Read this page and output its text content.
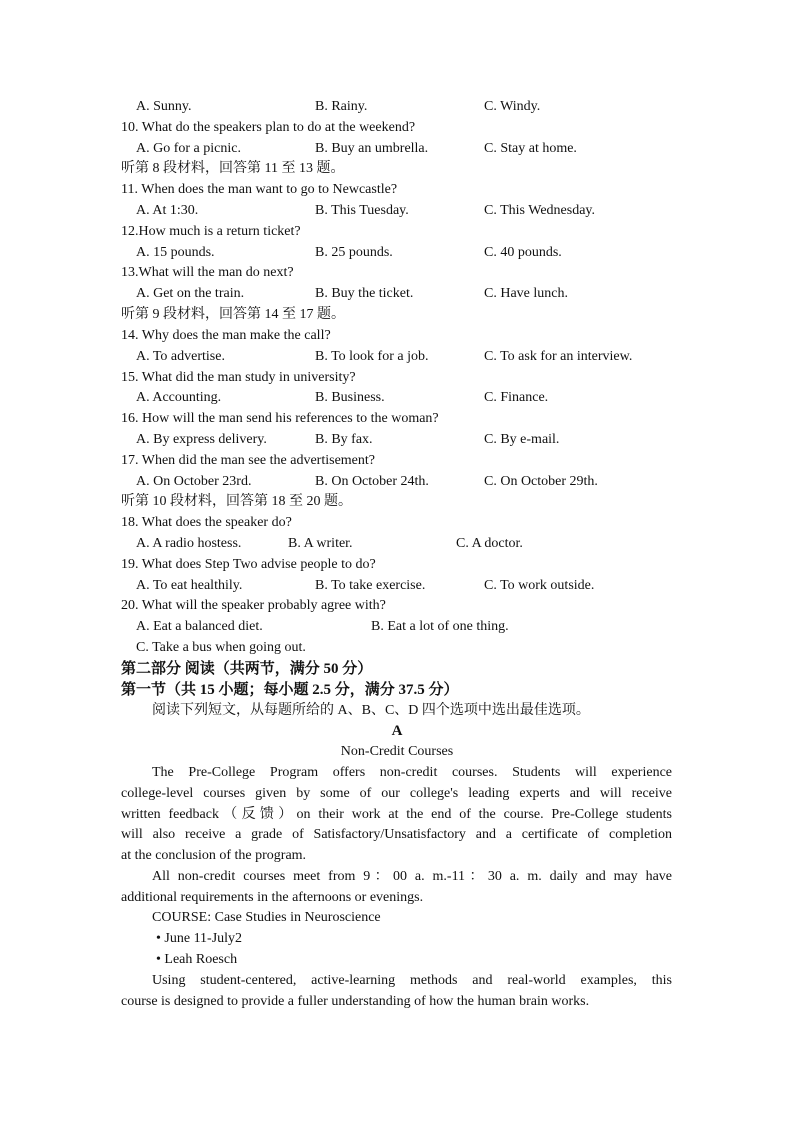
A. Sunny.	B. Rainy.	C. Windy.
10. What do the speakers plan to do at the weekend?
A. Go for a picnic.	B. Buy an umbrella.	C. Stay at home.
听第 8 段材料，回答第 11 至 13 题。
11. When does the man want to go to Newcastle?
A. At 1:30.	B. This Tuesday.	C. This Wednesday.
12.How much is a return ticket?
A. 15 pounds.	B. 25 pounds.	C. 40 pounds.
13.What will the man do next?
A. Get on the train.	B. Buy the ticket.	C. Have lunch.
听第 9 段材料，回答第 14 至 17 题。
14. Why does the man make the call?
A. To advertise.	B. To look for a job.	C. To ask for an interview.
15. What did the man study in university?
A. Accounting.	B. Business.	C. Finance.
16. How will the man send his references to the woman?
A. By express delivery.	B. By fax.	C. By e-mail.
17. When did the man see the advertisement?
A. On October 23rd.	B. On October 24th.	C. On October 29th.
听第 10 段材料，回答第 18 至 20 题。
18. What does the speaker do?
A. A radio hostess.	B. A writer.	C. A doctor.
19. What does Step Two advise people to do?
A. To eat healthily.	B. To take exercise.	C. To work outside.
20. What will the speaker probably agree with?
A. Eat a balanced diet.	B. Eat a lot of one thing.
C. Take a bus when going out.
第二部分 阅读（共两节，满分 50 分）
第一节（共 15 小题；每小题 2.5 分，满分 37.5 分）
阅读下列短文，从每题所给的 A、B、C、D 四个选项中选出最佳选项。
A
Non-Credit Courses
The Pre-College Program offers non-credit courses. Students will experience
college-level courses given by some of our college's leading experts and will receive
written feedback（反馈）on their work at the end of the course. Pre-College students
will also receive a grade of Satisfactory/Unsatisfactory and a certificate of completion
at the conclusion of the program.
All non-credit courses meet from 9：00 a. m.-11：30 a. m. daily and may have
additional requirements in the afternoons or evenings.
COURSE: Case Studies in Neuroscience
• June 11-July2
• Leah Roesch
Using student-centered, active-learning methods and real-world examples, this
course is designed to provide a fuller understanding of how the human brain works.
